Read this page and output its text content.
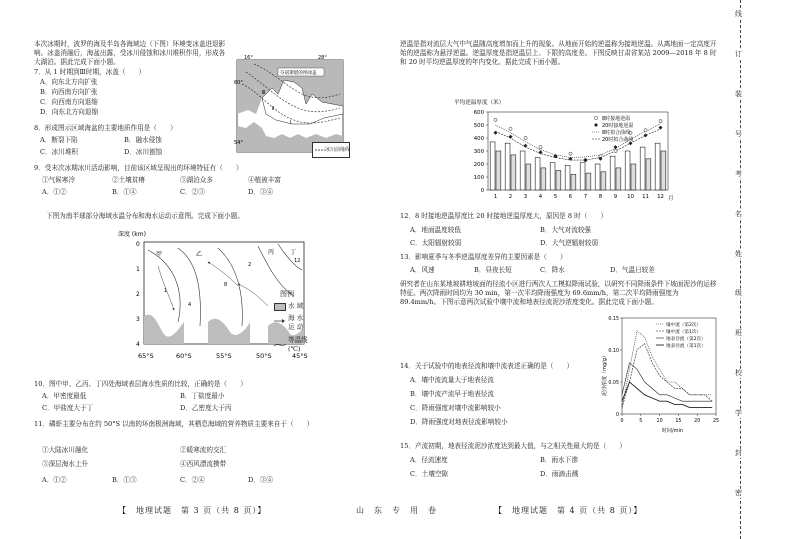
本次冰期时，波罗的海及半岛各海域边（下图）环境变冰盖进退影响。冰盖消融后，海盆出露，受冰川侵蚀和冰川堆积作用，形成各大湖泊。据此完成下面小题。
芬诺斯堪的纳冰盖
60°
54°
16°	28°
Ⅰ
Ⅱ
Ⅲ
冰川前缘线
7．从 1 时期到Ⅲ时期，冰盖（　　）
A．向东北方向扩张
B．向西南方向扩张
C．向西南方向退缩
D．向东北方向退缩
8．形成图示区域海盆的主要地质作用是（　　）
A．断裂下陷	B．融水侵蚀
C．冰川堆积	D．冰川刨蚀
9．受末次冰期冰川活动影响，目前该区域呈现出的环境特征有（　　）
①气候寒冷	②土壤贫瘠	③湖泊众多	④植被丰富
A．①②	B．①④	C．②③	D．③④
下图为南半球部分海域水温分布和海水运动示意图。完成下面小题。
深度 (km)
甲	乙	丙	丁
8
4
2
1
12
0
1
2
3
4
65°S	60°S	55°S	50°S	45°S
图例
水 域
海 水 运 动
等温线 (℃)
10．图中甲、乙丙、丁四处海域表层海水性质的比较，正确的是（　　）
A．甲密度最低	B．丁盐度最小
C．甲盐度大于丁	D．乙密度大于丙
11．磷虾主要分布在约 50°S 以南的环南极洲海域，其栖息海域的营养物质主要来自于（　　）
①大陆冰川融化	②暖寒流的交汇
③深层海水上升	④西风漂流携带
A．①②	B．①③	C．②④	D．③④
逆温是指对流层大气中气温随高度增加而上升的现象。从地面开始的逆温称为接地逆温。从离地面一定高度开始的逆温称为悬浮逆温。逆温厚度是指逆温层上、下限的高度差。下图反映甘肃省某站 2009—2018 年 8 时和 20 时平均逆温厚度的年内变化。据此完成下面小题。
平均逆温厚度（米）
0
100
200
300
400
500
600
1 2 3 4 5 6 7 8 9 10 11 12 月
8时接地逆温
20时接地逆温
8时拟合曲线
20时拟合曲线
12．8 时接地逆温厚度比 20 时接地逆温厚度大，原因是 8 时（　　）
A．地面温度较低	B．大气对流较强
C．太阳辐射较弱	D．大气逆辐射较弱
13．影响夏季与冬季逆温厚度差异的主要因素是（　　）
A．风速	B．昼夜长短	C．降水	D．气温日较差
研究者在山东某地坡耕地坡面的径流小区进行两次人工模拟降雨试验，以研究不同降雨条件下坡面泥沙的运移特征。两次降雨时间均为 30 min，第一次平均降雨强度为 69.6mm/h，第二次平均降雨强度为 89.4mm/h。下图示意两次试验中壤中流和地表径流泥沙浓度变化。据此完成下面小题。
泥沙浓度（mg/g）
0
0.05
0.10
0.15
0	5	10	15	20	25
时间/min
壤中流（第2次）
壤中流（第1次）
地表径流（第2次）
地表径流（第1次）
14．关于试验中的地表径流和壤中流表述正确的是（　　）
A．壤中流流量大于地表径流
B．壤中流产流早于地表径流
C．降雨强度对壤中流影响较小
D．降雨强度对地表径流影响较小
15．产流初期，地表径流泥沙浓度达到最大值，与之相关性最大的是（　　）
A．径流速度	B．雨水下渗
C．土壤空隙	D．雨滴击溅
【　地理试题　第 3 页（共 8 页）】	山　东　专　用　卷	【　地理试题　第 4 页（共 8 页）】
线
订
装
号
考
名
姓
级
班
校
学
封
密
